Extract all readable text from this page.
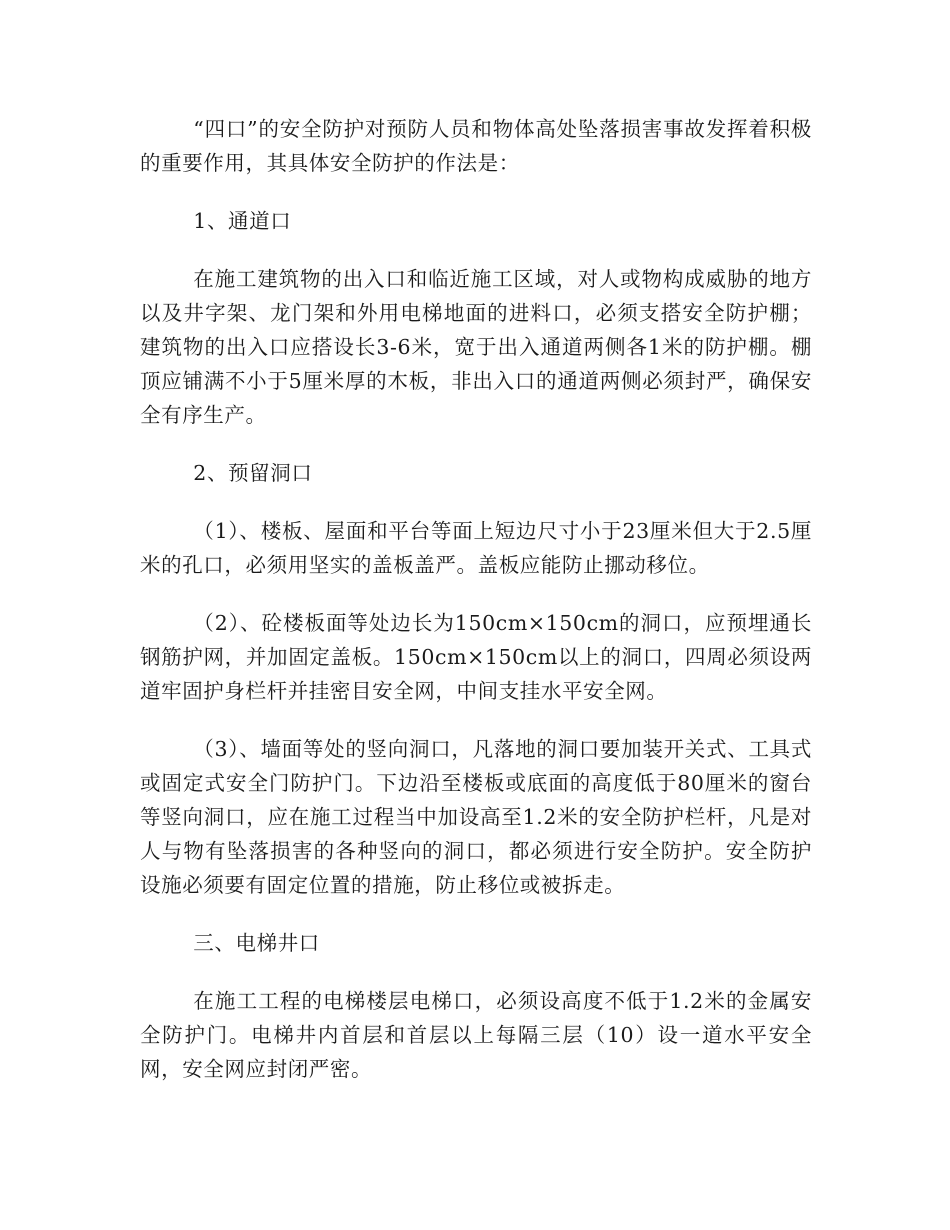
“四口”的安全防护对预防人员和物体高处坠落损害事故发挥着积极的重要作用，其具体安全防护的作法是：

1、通道口

在施工建筑物的出入口和临近施工区域，对人或物构成威胁的地方以及井字架、龙门架和外用电梯地面的进料口，必须支搭安全防护棚；建筑物的出入口应搭设长3-6米，宽于出入通道两侧各1米的防护棚。棚顶应铺满不小于5厘米厚的木板，非出入口的通道两侧必须封严，确保安全有序生产。

2、预留洞口

（1）、楼板、屋面和平台等面上短边尺寸小于23厘米但大于2.5厘米的孔口，必须用坚实的盖板盖严。盖板应能防止挪动移位。

（2）、砼楼板面等处边长为150cm×150cm的洞口，应预埋通长钢筋护网，并加固定盖板。150cm×150cm以上的洞口，四周必须设两道牢固护身栏杆并挂密目安全网，中间支挂水平安全网。

（3）、墙面等处的竖向洞口，凡落地的洞口要加装开关式、工具式或固定式安全门防护门。下边沿至楼板或底面的高度低于80厘米的窗台等竖向洞口，应在施工过程当中加设高至1.2米的安全防护栏杆，凡是对人与物有坠落损害的各种竖向的洞口，都必须进行安全防护。安全防护设施必须要有固定位置的措施，防止移位或被拆走。

三、电梯井口

在施工工程的电梯楼层电梯口，必须设高度不低于1.2米的金属安全防护门。电梯井内首层和首层以上每隔三层（10）设一道水平安全网，安全网应封闭严密。
